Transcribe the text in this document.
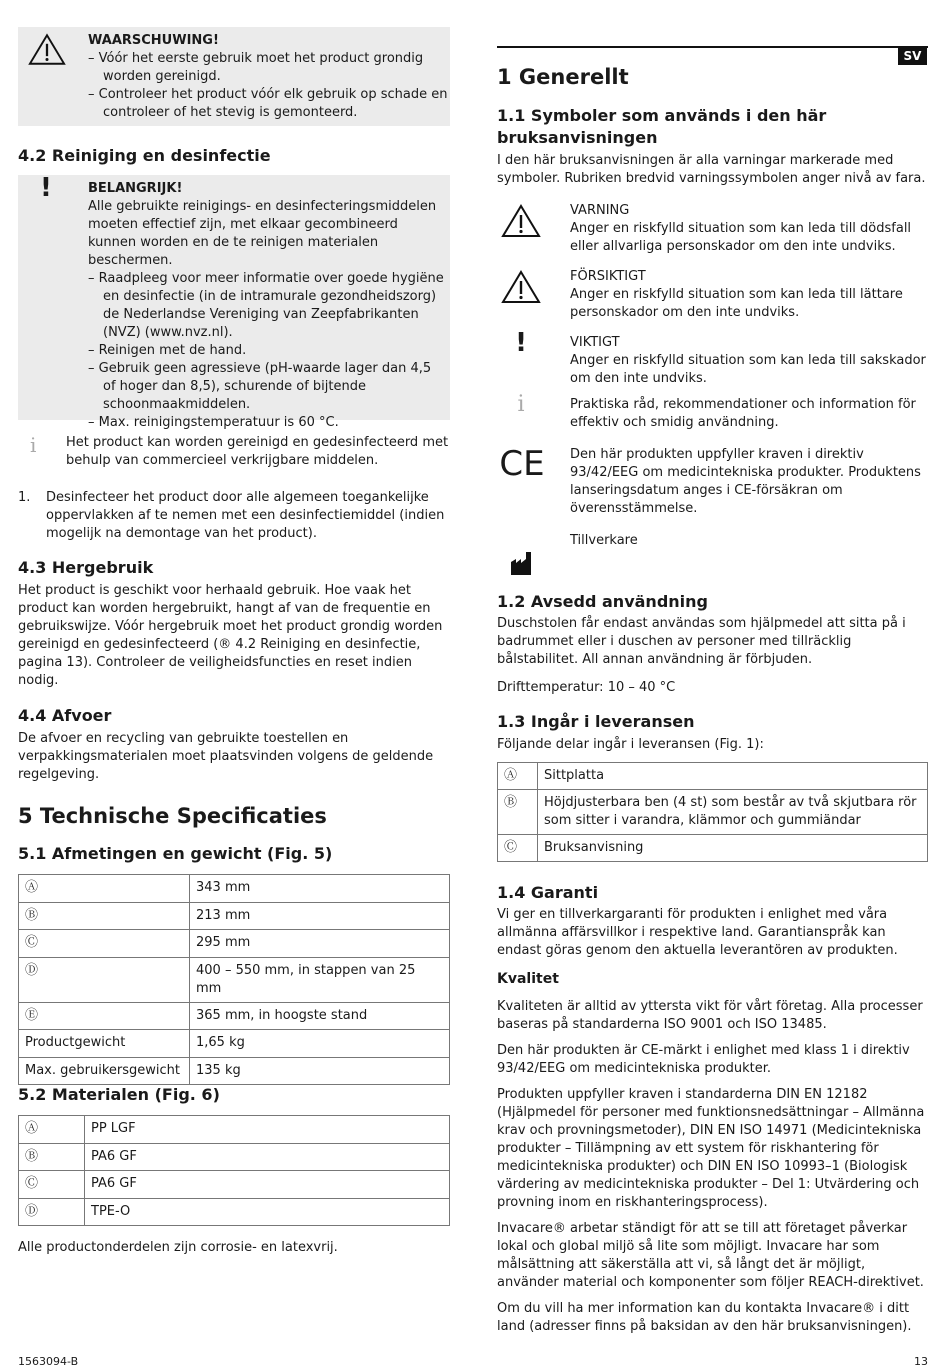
WAARSCHUWING!
– Vóór het eerste gebruik moet het product grondig worden gereinigd.
– Controleer het product vóór elk gebruik op schade en controleer of het stevig is gemonteerd.
4.2 Reiniging en desinfectie
!	BELANGRIJK!
Alle gebruikte reinigings- en desinfecteringsmiddelen moeten effectief zijn, met elkaar gecombineerd kunnen worden en de te reinigen materialen beschermen.
– Raadpleeg voor meer informatie over goede hygiëne en desinfectie (in de intramurale gezondheidszorg) de Nederlandse Vereniging van Zeepfabrikanten (NVZ) (www.nvz.nl).
– Reinigen met de hand.
– Gebruik geen agressieve (pH-waarde lager dan 4,5 of hoger dan 8,5), schurende of bijtende schoonmaakmiddelen.
– Max. reinigingstemperatuur is 60 °C.
i Het product kan worden gereinigd en gedesinfecteerd met behulp van commercieel verkrijgbare middelen.
1. Desinfecteer het product door alle algemeen toegankelijke oppervlakken af te nemen met een desinfectiemiddel (indien mogelijk na demontage van het product).
4.3 Hergebruik
Het product is geschikt voor herhaald gebruik. Hoe vaak het product kan worden hergebruikt, hangt af van de frequentie en gebruikswijze. Vóór hergebruik moet het product grondig worden gereinigd en gedesinfecteerd (® 4.2 Reiniging en desinfectie, pagina 13). Controleer de veiligheidsfuncties en reset indien nodig.
4.4 Afvoer
De afvoer en recycling van gebruikte toestellen en verpakkingsmaterialen moet plaatsvinden volgens de geldende regelgeving.
5 Technische Specificaties
5.1 Afmetingen en gewicht (Fig. 5)
Ⓐ	343 mm
Ⓑ	213 mm
Ⓒ	295 mm
Ⓓ	400 – 550 mm, in stappen van 25 mm
Ⓔ	365 mm, in hoogste stand
Productgewicht	1,65 kg
Max. gebruikersgewicht	135 kg
5.2 Materialen (Fig. 6)
Ⓐ	PP LGF
Ⓑ	PA6 GF
Ⓒ	PA6 GF
Ⓓ	TPE-O
Alle productonderdelen zijn corrosie- en latexvrij.
SV
1 Generellt
1.1 Symboler som används i den här bruksanvisningen
I den här bruksanvisningen är alla varningar markerade med symboler. Rubriken bredvid varningssymbolen anger nivå av fara.
VARNING
Anger en riskfylld situation som kan leda till dödsfall eller allvarliga personskador om den inte undviks.
FÖRSIKTIGT
Anger en riskfylld situation som kan leda till lättare personskador om den inte undviks.
!	VIKTIGT
Anger en riskfylld situation som kan leda till sakskador om den inte undviks.
i	Praktiska råd, rekommendationer och information för effektiv och smidig användning.
CE Den här produkten uppfyller kraven i direktiv 93/42/EEG om medicintekniska produkter. Produktens lanseringsdatum anges i CE-försäkran om överensstämmelse.
Tillverkare
1.2 Avsedd användning
Duschstolen får endast användas som hjälpmedel att sitta på i badrummet eller i duschen av personer med tillräcklig bålstabilitet. All annan användning är förbjuden.
Drifttemperatur: 10 – 40 °C
1.3 Ingår i leveransen
Följande delar ingår i leveransen (Fig. 1):
Ⓐ	Sittplatta
Ⓑ	Höjdjusterbara ben (4 st) som består av två skjutbara rör som sitter i varandra, klämmor och gummiändar
Ⓒ	Bruksanvisning
1.4 Garanti
Vi ger en tillverkargaranti för produkten i enlighet med våra allmänna affärsvillkor i respektive land. Garantianspråk kan endast göras genom den aktuella leverantören av produkten.
Kvalitet

Kvaliteten är alltid av yttersta vikt för vårt företag. Alla processer baseras på standarderna ISO 9001 och ISO 13485.

Den här produkten är CE-märkt i enlighet med klass 1 i direktiv 93/42/EEG om medicintekniska produkter.

Produkten uppfyller kraven i standarderna DIN EN 12182 (Hjälpmedel för personer med funktionsnedsättningar – Allmänna krav och provningsmetoder), DIN EN ISO 14971 (Medicintekniska produkter – Tillämpning av ett system för riskhantering för medicintekniska produkter) och DIN EN ISO 10993–1 (Biologisk värdering av medicintekniska produkter – Del 1: Utvärdering och provning inom en riskhanteringsprocess).

Invacare® arbetar ständigt för att se till att företaget påverkar lokal och global miljö så lite som möjligt. Invacare har som målsättning att säkerställa att vi, så långt det är möjligt, använder material och komponenter som följer REACH-direktivet.

Om du vill ha mer information kan du kontakta Invacare® i ditt land (adresser finns på baksidan av den här bruksanvisningen).

1563094-B	13
